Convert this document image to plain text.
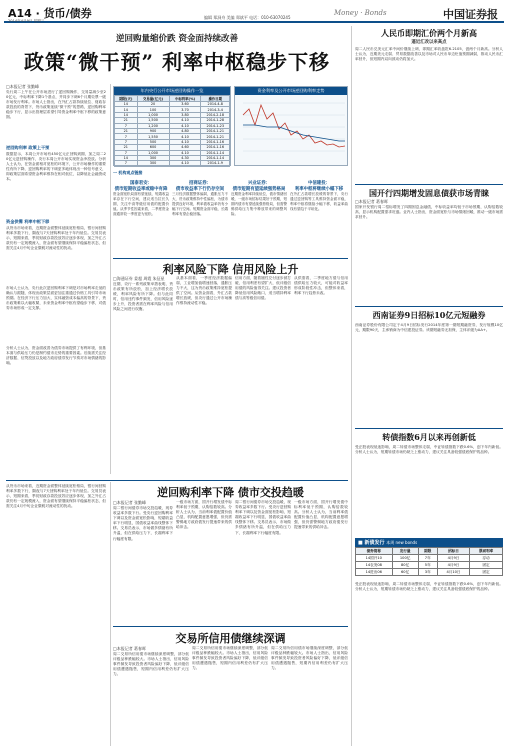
A14 · 货币/债券
2014年4月9日 星期三
编辑 郑洞舟 美编 郑斌平 电话：010-63070245
Money · Bonds	中国证券报
逆回购量缩价跌 资金面持续改善
政策“微干预” 利率中枢稳步下移
□本报记者 张勤峰
央行周二上午在公开市场进行了逆回购操作，交易量减少至20亿元，中标利率下降1个基点，并同步下调6个月期央票一级市场发行利率。市场人士指出，在外汇占款持续低位、财政存款投放的背景下，货币政策延续“微干预”的思路，逆回购利率稳步下行，显示出管理层希望引导资金利率中枢下移的政策意图。
逆回购利率 政策上干预
数据显示，本周公开市场有450亿元正回购到期，加之周二20亿元逆回购操作，央行本周公开市场实现资金净投放。分析人士认为，在资金面相对宽松的环境下，公开市场操作的重要性有所下降，逆回购利率的下调更多地体现出一种信号意义，即政策层面希望资金利率维持在相对低位，以降低社会融资成本。
资金供需 利率中枢下移
从货币市场来看，近期资金面整体延续宽松格局，银行间回购利率多数下行，隔夜与7天回购利率处于年内低位。交易员表示，短期来看，季初财政存款投放效应逐步体现，加之外汇占款仍有一定规模流入，资金面有望继续保持平稳偏松状态，但需关注4月中旬企业缴税对流动性的扰动。
市场人士认为，央行此次逆回购利率下调是对市场利率走低的确认与跟随，体现出政策层面更加注重通过价格工具引导市场预期。在经济下行压力加大、实体融资成本偏高的背景下，货币政策难以大幅收紧，未来资金利率中枢有望稳步下移，对债券市场形成一定支撑。
分析人士认为，资金面改善为债券市场提供了有利环境，但基本面与供给压力仍是制约债市走势的重要因素。后续需关注经济数据、信贷投放以及地方政府债券发行节奏对市场情绪的影响。
年内央行公开市场逆回购操作一览
期限(天)	交易量(亿元)	中标利率(%)	操作日期
14	20	3.60	2014-4-8
14	100	3.70	2014-3-4
14	1,000	3.80	2014-2-18
21	1,500	4.10	2014-1-28
7	1,200	4.10	2014-1-23
21	900	4.80	2014-1-21
7	1,550	4.10	2014-1-21
7	500	4.10	2014-1-16
21	600	4.60	2014-1-16
7	1,000	4.10	2014-1-14
14	300	4.30	2014-1-14
7	300	4.10	2014-1-9
资金利率及公开市场逆回购利率走势
一 机构观点链接
国泰君安：
债市短期收益率或稳中有降
资金面宽松局面有望延续，短端收益率存在下行空间，建议适当拉长久期，关注中高等级信用债的配置价值。从季节性因素来看，二季度资金面通常较一季度更为宽松。
招商证券：
债市收益率下行仍存空间
三月经济数据整体偏弱，通胀压力不大，货币政策维持中性偏松，为债市提供良好环境，利率债收益率仍有小幅下行空间。短期资金面平稳，长端利率有望企稳回落。
兴业证券：
债市短期有望延续强势格局
近期资金利率持续低位，债市情绪回暖，一级市场招标结果好于预期，短期内债市有望延续强势格局，但需警惕供给压力集中释放带来的调整风险。
中信建投：
利率中枢将继续小幅下移
在外汇占款增长放缓的背景下，央行通过逆回购等工具维持资金面平稳，利率中枢将继续小幅下移，收益率曲线有望趋于平坦化。
利率风险下降 信用风险上升
□海通证券 姜超 周霞 朱征星
近期，央行一系列政策举措表明，货币政策有所放松，加上经济增长放缓，利率风险有所下降。但与此同时，信用违约事件频发，信用风险逐步上升，投资者需在利率风险与信用风险之间进行权衡。
从基本面看，一季度经济数据偏弱，工业增加值增速回落，通胀压力不大，这为货币政策维持宽松提供了空间。从资金面看，外汇占款增长放缓，但央行通过公开市场操作维持流动性平稳。
信用方面，随着刚性兑付逐步被打破，信用利差有望扩大，低评级信用债的风险值得关注。建议投资者降低信用风险敞口，适当增持利率债与高等级信用债。
从供需看，二季度地方债与信用债供给压力较大，可能对收益率形成阶段性冲击，但整体来看，利率下行趋势未改。
人民币即期汇价两个月新高
逼近汇改以来高点
周二人民币兑美元汇率中间价继续上调，即期汇率收盘报6.2105，创两个月新高。分析人士认为，近期美元走弱、贸易数据改善以及市场对人民币单边贬值预期减弱，推动人民币汇率回升，但短期内双向波动仍将加大。
国开行四期增发固息债获市场青睐
□本报记者 葛春晖
国家开发银行周二招标增发了四期固息金融债，中标收益率均低于市场预期，认购倍数较高，显示机构配置需求旺盛。业内人士指出，资金面宽松与市场情绪回暖，推动一级市场需求回升。
西南证券9日招标10亿元短融券
西南证券股份有限公司定于4月9日招标发行2014年度第一期短期融资券，发行规模10亿元，期限90天，主承销商为中信建投证券。该期短融券无担保，主体评级为AA+。
转债指数6月以来再创新低
受正股表现低迷影响，周二转债市场整体走弱，中证转债指数下跌0.6%，创下年内新低。分析人士认为，短期转债市场仍缺乏上涨动力，建议关注具备较强债底保护的品种。
■ 新债发行 本周 new bonds
债券简称	发行量	期限	招标日	票面利率
14国开10	100亿	7年	4月9日	浮动
14农发08	80亿	5年	4月9日	固定
14进出06	60亿	3年	4月10日	固定
受正股表现低迷影响，周二转债市场整体走弱，中证转债指数下跌0.6%，创下年内新低。分析人士认为，短期转债市场仍缺乏上涨动力，建议关注具备较强债底保护的品种。
从货币市场来看，近期资金面整体延续宽松格局，银行间回购利率多数下行，隔夜与7天回购利率处于年内低位。交易员表示，短期来看，季初财政存款投放效应逐步体现，加之外汇占款仍有一定规模流入，资金面有望继续保持平稳偏松状态，但需关注4月中旬企业缴税对流动性的扰动。
逆回购利率下降 债市交投趋暖
□本报记者 张勤峰
周二银行间债券市场交投趋暖，现券收益率多数下行。受央行逆回购利率下调以及资金面宽松影响，短端收益率下行明显，国债收益率曲线整体下移。交易员表示，市场做多情绪有所升温，但在供给压力下，长端利率下行幅度有限。
一级市场方面，国开行增发债中标利率低于预期，认购倍数较高。分析人士认为，当前利率债配置价值凸显，机构配置意愿增强，但仍需警惕地方政府债发行提速带来的供给冲击。
周二银行间债券市场交投趋暖，现券收益率多数下行。受央行逆回购利率下调以及资金面宽松影响，短端收益率下行明显，国债收益率曲线整体下移。交易员表示，市场做多情绪有所升温，但在供给压力下，长端利率下行幅度有限。
一级市场方面，国开行增发债中标利率低于预期，认购倍数较高。分析人士认为，当前利率债配置价值凸显，机构配置意愿增强，但仍需警惕地方政府债发行提速带来的供给冲击。
交易所信用债继续深调
□本报记者 葛春晖
周二交易所信用债市场继续深度调整，部分低评级品种跌幅较大。市场人士指出，信用风险事件频发导致投资者风险偏好下降，低评级信用债遭遇抛售，短期内信用利差仍有扩大压力。
周二交易所信用债市场继续深度调整，部分低评级品种跌幅较大。市场人士指出，信用风险事件频发导致投资者风险偏好下降，低评级信用债遭遇抛售，短期内信用利差仍有扩大压力。
周二交易所信用债市场继续深度调整，部分低评级品种跌幅较大。市场人士指出，信用风险事件频发导致投资者风险偏好下降，低评级信用债遭遇抛售，短期内信用利差仍有扩大压力。
